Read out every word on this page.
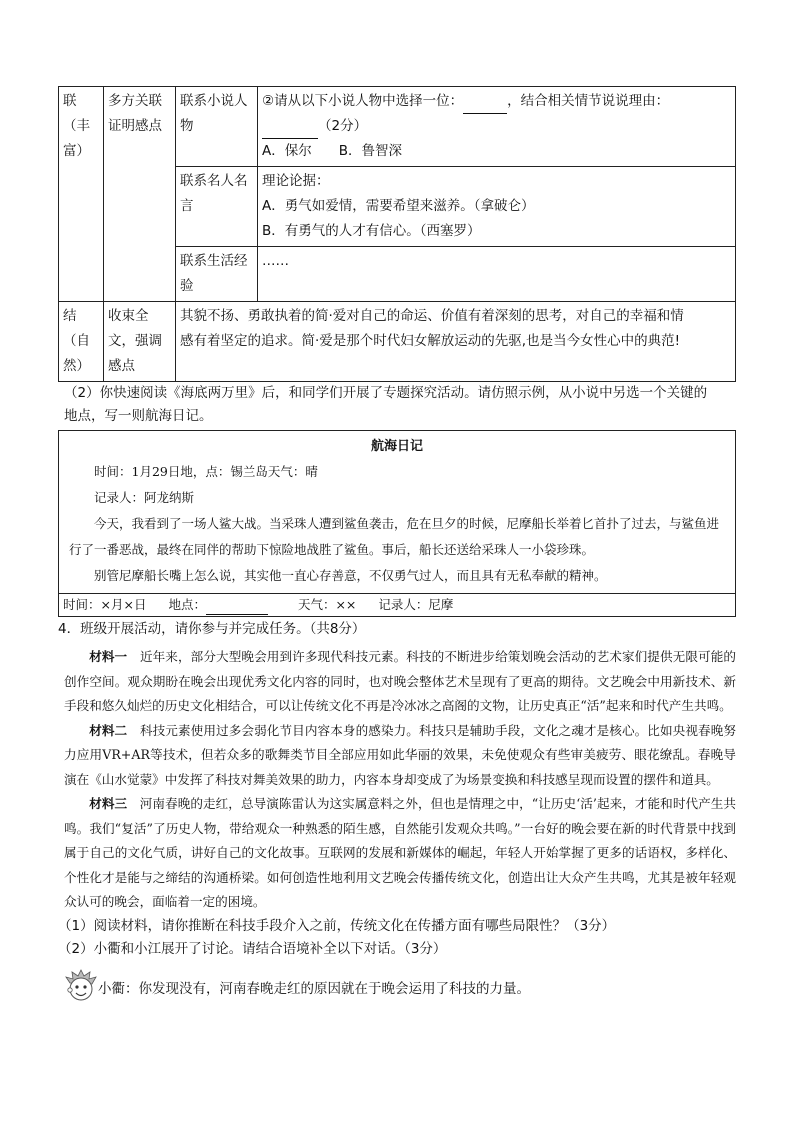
联（丰富）	多方关联证明感点	联系小说人物	②请从以下小说人物中选择一位： ，结合相关情节说说理由：
（2分）
A．保尔　　B．鲁智深

		联系名人名言	理论论据：
A．勇气如爱情，需要希望来滋养。（拿破仑）
B．有勇气的人才有信心。（西塞罗）

		联系生活经验	……
结（自然）	收束全文，强调感点	其貌不扬、勇敢执着的简·爱对自己的命运、价值有着深刻的思考，对自己的幸福和情
感有着坚定的追求。简·爱是那个时代妇女解放运动的先驱,也是当今女性心中的典范!	

（2）你快速阅读《海底两万里》后，和同学们开展了专题探究活动。请仿照示例，从小说中另选一个关键的
地点，写一则航海日记。

航海日记

时间：1月29日地，点：锡兰岛天气：晴

记录人：阿龙纳斯

今天，我看到了一场人鲨大战。当采珠人遭到鲨鱼袭击，危在旦夕的时候，尼摩船长举着匕首扑了过去，与鲨鱼进行了一番恶战，最终在同伴的帮助下惊险地战胜了鲨鱼。事后，船长还送给采珠人一小袋珍珠。

别管尼摩船长嘴上怎么说，其实他一直心存善意，不仅勇气过人，而且具有无私奉献的精神。

时间：×月×日 地点：	天气：×× 记录人：尼摩

4．班级开展活动，请你参与并完成任务。（共8分）

材料一　 近年来，部分大型晚会用到许多现代科技元素。科技的不断进步给策划晚会活动的艺术家们提供无限可能的创作空间。观众期盼在晚会出现优秀文化内容的同时，也对晚会整体艺术呈现有了更高的期待。文艺晚会中用新技术、新手段和悠久灿烂的历史文化相结合，可以让传统文化不再是冷冰冰之高阁的文物，让历史真正“活”起来和时代产生共鸣。

材料二　 科技元素使用过多会弱化节目内容本身的感染力。科技只是辅助手段，文化之魂才是核心。比如央视春晚努力应用VR+AR等技术，但若众多的歌舞类节目全部应用如此华丽的效果，未免使观众有些审美疲劳、眼花缭乱。春晚导演在《山水觉蒙》中发挥了科技对舞美效果的助力，内容本身却变成了为场景变换和科技感呈现而设置的摆件和道具。

材料三　 河南春晚的走红，总导演陈雷认为这实属意料之外，但也是情理之中，“让历史‘活’起来，才能和时代产生共鸣。我们“复活”了历史人物，带给观众一种熟悉的陌生感，自然能引发观众共鸣。”一台好的晚会要在新的时代背景中找到属于自己的文化气质，讲好自己的文化故事。互联网的发展和新媒体的崛起，年轻人开始掌握了更多的话语权，多样化、个性化才是能与之缔结的沟通桥梁。如何创造性地利用文艺晚会传播传统文化，创造出让大众产生共鸣，尤其是被年轻观众认可的晚会，面临着一定的困境。

（1）阅读材料，请你推断在科技手段介入之前，传统文化在传播方面有哪些局限性？（3分）

（2）小衢和小江展开了讨论。请结合语境补全以下对话。（3分）

小衢：你发现没有，河南春晚走红的原因就在于晚会运用了科技的力量。
